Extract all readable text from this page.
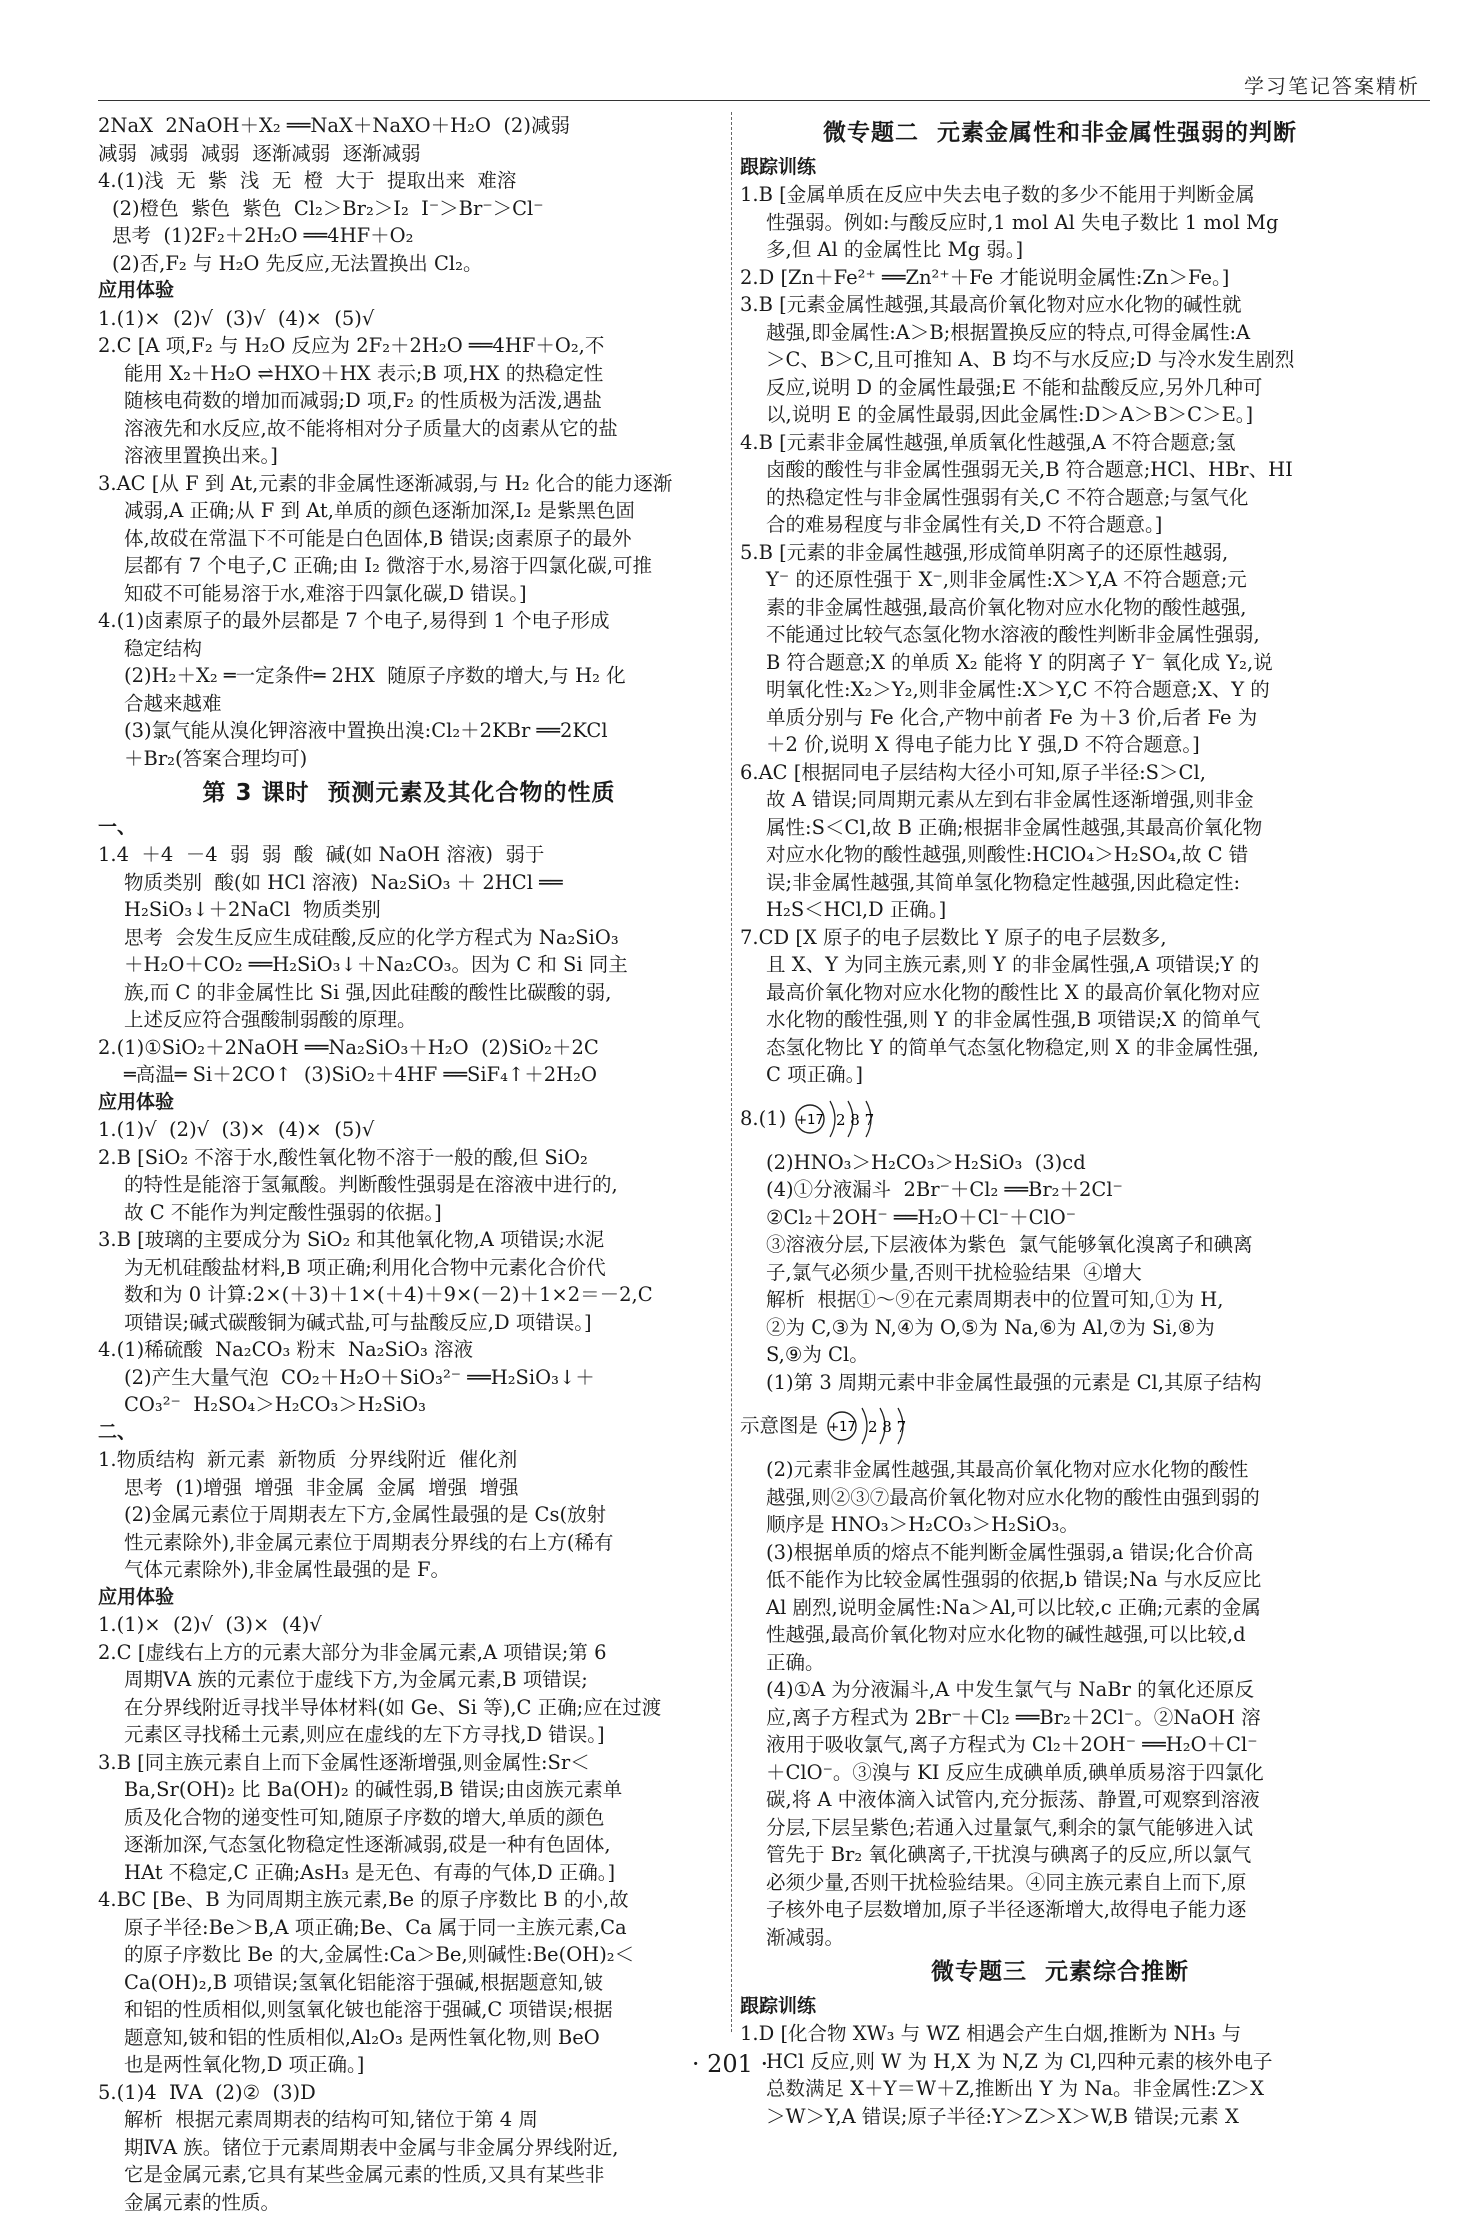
学习笔记答案精析

2NaX  2NaOH＋X₂ ══NaX＋NaXO＋H₂O  (2)减弱

减弱  减弱  减弱  逐渐减弱  逐渐减弱

4.(1)浅  无  紫  浅  无  橙  大于  提取出来  难溶

(2)橙色  紫色  紫色  Cl₂＞Br₂＞I₂  I⁻＞Br⁻＞Cl⁻

思考  (1)2F₂＋2H₂O ══4HF＋O₂

(2)否,F₂ 与 H₂O 先反应,无法置换出 Cl₂。

应用体验

1.(1)×  (2)√  (3)√  (4)×  (5)√

2.C [A 项,F₂ 与 H₂O 反应为 2F₂＋2H₂O ══4HF＋O₂,不

能用 X₂＋H₂O ⇌HXO＋HX 表示;B 项,HX 的热稳定性

随核电荷数的增加而减弱;D 项,F₂ 的性质极为活泼,遇盐

溶液先和水反应,故不能将相对分子质量大的卤素从它的盐

溶液里置换出来。]

3.AC [从 F 到 At,元素的非金属性逐渐减弱,与 H₂ 化合的能力逐渐

减弱,A 正确;从 F 到 At,单质的颜色逐渐加深,I₂ 是紫黑色固

体,故砹在常温下不可能是白色固体,B 错误;卤素原子的最外

层都有 7 个电子,C 正确;由 I₂ 微溶于水,易溶于四氯化碳,可推

知砹不可能易溶于水,难溶于四氯化碳,D 错误。]

4.(1)卤素原子的最外层都是 7 个电子,易得到 1 个电子形成

稳定结构

(2)H₂＋X₂ ═一定条件═ 2HX  随原子序数的增大,与 H₂ 化

合越来越难

(3)氯气能从溴化钾溶液中置换出溴:Cl₂＋2KBr ══2KCl

＋Br₂(答案合理均可)

第 3 课时  预测元素及其化合物的性质

一、

1.4  ＋4  －4  弱  弱  酸  碱(如 NaOH 溶液)  弱于

物质类别  酸(如 HCl 溶液)  Na₂SiO₃ ＋ 2HCl ══

H₂SiO₃↓＋2NaCl  物质类别

思考  会发生反应生成硅酸,反应的化学方程式为 Na₂SiO₃

＋H₂O＋CO₂ ══H₂SiO₃↓＋Na₂CO₃。因为 C 和 Si 同主

族,而 C 的非金属性比 Si 强,因此硅酸的酸性比碳酸的弱,

上述反应符合强酸制弱酸的原理。

2.(1)①SiO₂＋2NaOH ══Na₂SiO₃＋H₂O  (2)SiO₂＋2C

═高温═ Si＋2CO↑  (3)SiO₂＋4HF ══SiF₄↑＋2H₂O

应用体验

1.(1)√  (2)√  (3)×  (4)×  (5)√

2.B [SiO₂ 不溶于水,酸性氧化物不溶于一般的酸,但 SiO₂

的特性是能溶于氢氟酸。判断酸性强弱是在溶液中进行的,

故 C 不能作为判定酸性强弱的依据。]

3.B [玻璃的主要成分为 SiO₂ 和其他氧化物,A 项错误;水泥

为无机硅酸盐材料,B 项正确;利用化合物中元素化合价代

数和为 0 计算:2×(＋3)＋1×(＋4)＋9×(－2)＋1×2＝－2,C

项错误;碱式碳酸铜为碱式盐,可与盐酸反应,D 项错误。]

4.(1)稀硫酸  Na₂CO₃ 粉末  Na₂SiO₃ 溶液

(2)产生大量气泡  CO₂＋H₂O＋SiO₃²⁻ ══H₂SiO₃↓＋

CO₃²⁻  H₂SO₄＞H₂CO₃＞H₂SiO₃

二、

1.物质结构  新元素  新物质  分界线附近  催化剂

思考  (1)增强  增强  非金属  金属  增强  增强

(2)金属元素位于周期表左下方,金属性最强的是 Cs(放射

性元素除外),非金属元素位于周期表分界线的右上方(稀有

气体元素除外),非金属性最强的是 F。

应用体验

1.(1)×  (2)√  (3)×  (4)√

2.C [虚线右上方的元素大部分为非金属元素,A 项错误;第 6

周期ⅤA 族的元素位于虚线下方,为金属元素,B 项错误;

在分界线附近寻找半导体材料(如 Ge、Si 等),C 正确;应在过渡

元素区寻找稀土元素,则应在虚线的左下方寻找,D 错误。]

3.B [同主族元素自上而下金属性逐渐增强,则金属性:Sr＜

Ba,Sr(OH)₂ 比 Ba(OH)₂ 的碱性弱,B 错误;由卤族元素单

质及化合物的递变性可知,随原子序数的增大,单质的颜色

逐渐加深,气态氢化物稳定性逐渐减弱,砹是一种有色固体,

HAt 不稳定,C 正确;AsH₃ 是无色、有毒的气体,D 正确。]

4.BC [Be、B 为同周期主族元素,Be 的原子序数比 B 的小,故

原子半径:Be＞B,A 项正确;Be、Ca 属于同一主族元素,Ca

的原子序数比 Be 的大,金属性:Ca＞Be,则碱性:Be(OH)₂＜

Ca(OH)₂,B 项错误;氢氧化铝能溶于强碱,根据题意知,铍

和铝的性质相似,则氢氧化铍也能溶于强碱,C 项错误;根据

题意知,铍和铝的性质相似,Al₂O₃ 是两性氧化物,则 BeO

也是两性氧化物,D 项正确。]

5.(1)4  ⅣA  (2)②  (3)D

解析  根据元素周期表的结构可知,锗位于第 4 周

期ⅣA 族。锗位于元素周期表中金属与非金属分界线附近,

它是金属元素,它具有某些金属元素的性质,又具有某些非

金属元素的性质。

微专题二  元素金属性和非金属性强弱的判断

跟踪训练

1.B [金属单质在反应中失去电子数的多少不能用于判断金属

性强弱。例如:与酸反应时,1 mol Al 失电子数比 1 mol Mg

多,但 Al 的金属性比 Mg 弱。]

2.D [Zn＋Fe²⁺ ══Zn²⁺＋Fe 才能说明金属性:Zn＞Fe。]

3.B [元素金属性越强,其最高价氧化物对应水化物的碱性就

越强,即金属性:A＞B;根据置换反应的特点,可得金属性:A

＞C、B＞C,且可推知 A、B 均不与水反应;D 与冷水发生剧烈

反应,说明 D 的金属性最强;E 不能和盐酸反应,另外几种可

以,说明 E 的金属性最弱,因此金属性:D＞A＞B＞C＞E。]

4.B [元素非金属性越强,单质氧化性越强,A 不符合题意;氢

卤酸的酸性与非金属性强弱无关,B 符合题意;HCl、HBr、HI

的热稳定性与非金属性强弱有关,C 不符合题意;与氢气化

合的难易程度与非金属性有关,D 不符合题意。]

5.B [元素的非金属性越强,形成简单阴离子的还原性越弱,

Y⁻ 的还原性强于 X⁻,则非金属性:X＞Y,A 不符合题意;元

素的非金属性越强,最高价氧化物对应水化物的酸性越强,

不能通过比较气态氢化物水溶液的酸性判断非金属性强弱,

B 符合题意;X 的单质 X₂ 能将 Y 的阴离子 Y⁻ 氧化成 Y₂,说

明氧化性:X₂＞Y₂,则非金属性:X＞Y,C 不符合题意;X、Y 的

单质分别与 Fe 化合,产物中前者 Fe 为＋3 价,后者 Fe 为

＋2 价,说明 X 得电子能力比 Y 强,D 不符合题意。]

6.AC [根据同电子层结构大径小可知,原子半径:S＞Cl,

故 A 错误;同周期元素从左到右非金属性逐渐增强,则非金

属性:S＜Cl,故 B 正确;根据非金属性越强,其最高价氧化物

对应水化物的酸性越强,则酸性:HClO₄＞H₂SO₄,故 C 错

误;非金属性越强,其简单氢化物稳定性越强,因此稳定性:

H₂S＜HCl,D 正确。]

7.CD [X 原子的电子层数比 Y 原子的电子层数多,

且 X、Y 为同主族元素,则 Y 的非金属性强,A 项错误;Y 的

最高价氧化物对应水化物的酸性比 X 的最高价氧化物对应

水化物的酸性强,则 Y 的非金属性强,B 项错误;X 的简单气

态氢化物比 Y 的简单气态氢化物稳定,则 X 的非金属性强,

C 项正确。]

8.(1) +17 2 8 7

(2)HNO₃＞H₂CO₃＞H₂SiO₃  (3)cd

(4)①分液漏斗  2Br⁻＋Cl₂ ══Br₂＋2Cl⁻

②Cl₂＋2OH⁻ ══H₂O＋Cl⁻＋ClO⁻

③溶液分层,下层液体为紫色  氯气能够氧化溴离子和碘离

子,氯气必须少量,否则干扰检验结果  ④增大

解析  根据①～⑨在元素周期表中的位置可知,①为 H,

②为 C,③为 N,④为 O,⑤为 Na,⑥为 Al,⑦为 Si,⑧为

S,⑨为 Cl。

(1)第 3 周期元素中非金属性最强的元素是 Cl,其原子结构

示意图是 +17 2 8 7

(2)元素非金属性越强,其最高价氧化物对应水化物的酸性

越强,则②③⑦最高价氧化物对应水化物的酸性由强到弱的

顺序是 HNO₃＞H₂CO₃＞H₂SiO₃。

(3)根据单质的熔点不能判断金属性强弱,a 错误;化合价高

低不能作为比较金属性强弱的依据,b 错误;Na 与水反应比

Al 剧烈,说明金属性:Na＞Al,可以比较,c 正确;元素的金属

性越强,最高价氧化物对应水化物的碱性越强,可以比较,d

正确。

(4)①A 为分液漏斗,A 中发生氯气与 NaBr 的氧化还原反

应,离子方程式为 2Br⁻＋Cl₂ ══Br₂＋2Cl⁻。②NaOH 溶

液用于吸收氯气,离子方程式为 Cl₂＋2OH⁻ ══H₂O＋Cl⁻

＋ClO⁻。③溴与 KI 反应生成碘单质,碘单质易溶于四氯化

碳,将 A 中液体滴入试管内,充分振荡、静置,可观察到溶液

分层,下层呈紫色;若通入过量氯气,剩余的氯气能够进入试

管先于 Br₂ 氧化碘离子,干扰溴与碘离子的反应,所以氯气

必须少量,否则干扰检验结果。④同主族元素自上而下,原

子核外电子层数增加,原子半径逐渐增大,故得电子能力逐

渐减弱。

微专题三  元素综合推断

跟踪训练

1.D [化合物 XW₃ 与 WZ 相遇会产生白烟,推断为 NH₃ 与

HCl 反应,则 W 为 H,X 为 N,Z 为 Cl,四种元素的核外电子

总数满足 X＋Y＝W＋Z,推断出 Y 为 Na。非金属性:Z＞X

＞W＞Y,A 错误;原子半径:Y＞Z＞X＞W,B 错误;元素 X

· 201 ·
